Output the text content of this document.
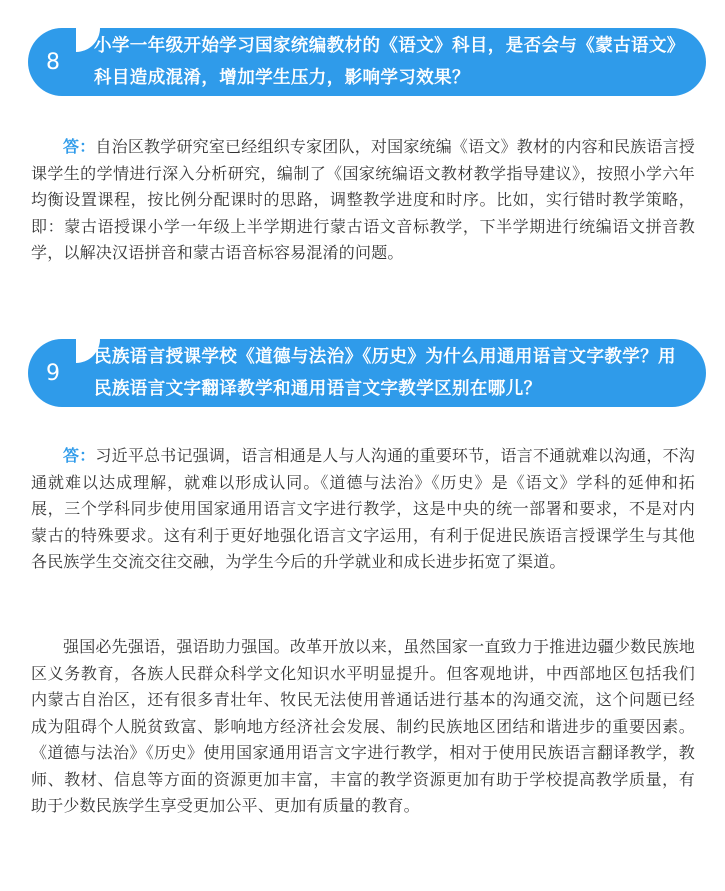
8
小学一年级开始学习国家统编教材的《语文》科目，是否会与《蒙古语文》科目造成混淆，增加学生压力，影响学习效果？
答：自治区教学研究室已经组织专家团队，对国家统编《语文》教材的内容和民族语言授课学生的学情进行深入分析研究，编制了《国家统编语文教材教学指导建议》，按照小学六年均衡设置课程，按比例分配课时的思路，调整教学进度和时序。比如，实行错时教学策略，即：蒙古语授课小学一年级上半学期进行蒙古语文音标教学，下半学期进行统编语文拼音教学，以解决汉语拼音和蒙古语音标容易混淆的问题。
9
民族语言授课学校《道德与法治》《历史》为什么用通用语言文字教学？用民族语言文字翻译教学和通用语言文字教学区别在哪儿？
答：习近平总书记强调，语言相通是人与人沟通的重要环节，语言不通就难以沟通，不沟通就难以达成理解，就难以形成认同。《道德与法治》《历史》是《语文》学科的延伸和拓展，三个学科同步使用国家通用语言文字进行教学，这是中央的统一部署和要求，不是对内蒙古的特殊要求。这有利于更好地强化语言文字运用，有利于促进民族语言授课学生与其他各民族学生交流交往交融，为学生今后的升学就业和成长进步拓宽了渠道。
强国必先强语，强语助力强国。改革开放以来，虽然国家一直致力于推进边疆少数民族地区义务教育，各族人民群众科学文化知识水平明显提升。但客观地讲，中西部地区包括我们内蒙古自治区，还有很多青壮年、牧民无法使用普通话进行基本的沟通交流，这个问题已经成为阻碍个人脱贫致富、影响地方经济社会发展、制约民族地区团结和谐进步的重要因素。《道德与法治》《历史》使用国家通用语言文字进行教学，相对于使用民族语言翻译教学，教师、教材、信息等方面的资源更加丰富，丰富的教学资源更加有助于学校提高教学质量，有助于少数民族学生享受更加公平、更加有质量的教育。
